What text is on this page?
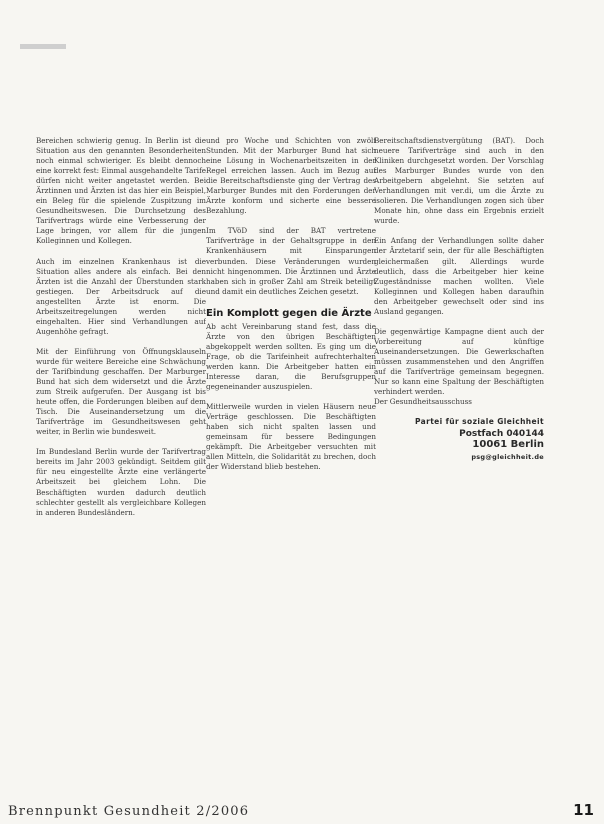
Bereichen schwierig genug. In Berlin ist die Situation aus den genannten Besonderheiten noch einmal schwieriger. Es bleibt dennoch eine korrekt fest: Einmal ausgehandelte Tarife dürfen nicht weiter angetastet werden. Bei Ärztinnen und Ärzten ist das hier ein Beispiel, ein Beleg für die spielende Zuspitzung im Gesundheitswesen. Die Durchsetzung des Tarifvertrags würde eine Verbesserung der Lage bringen, vor allem für die jungen Kolleginnen und Kollegen.

Auch im einzelnen Krankenhaus ist die Situation alles andere als einfach. Bei den Ärzten ist die Anzahl der Überstunden stark gestiegen. Der Arbeitsdruck auf die angestellten Ärzte ist enorm. Die Arbeitszeitregelungen werden nicht eingehalten. Hier sind Verhandlungen auf Augenhöhe gefragt.

Mit der Einführung von Öffnungsklauseln wurde für weitere Bereiche eine Schwächung der Tarifbindung geschaffen. Der Marburger Bund hat sich dem widersetzt und die Ärzte zum Streik aufgerufen. Der Ausgang ist bis heute offen, die Forderungen bleiben auf dem Tisch. Die Auseinandersetzung um die Tarifverträge im Gesundheitswesen geht weiter, in Berlin wie bundesweit.

Im Bundesland Berlin wurde der Tarifvertrag bereits im Jahr 2003 gekündigt. Seitdem gilt für neu eingestellte Ärzte eine verlängerte Arbeitszeit bei gleichem Lohn. Die Beschäftigten wurden dadurch deutlich schlechter gestellt als vergleichbare Kollegen in anderen Bundesländern.

und pro Woche und Schichten von zwölf Stunden. Mit der Marburger Bund hat sich eine Lösung in Wochenarbeitszeiten in der Regel erreichen lassen. Auch im Bezug auf die Bereitschaftsdienste ging der Vertrag des Marburger Bundes mit den Forderungen der Ärzte konform und sicherte eine bessere Bezahlung.

Im TVöD sind der BAT vertretene Tarifverträge in der Gehaltsgruppe in den Krankenhäusern mit Einsparungen verbunden. Diese Veränderungen wurden nicht hingenommen. Die Ärztinnen und Ärzte haben sich in großer Zahl am Streik beteiligt und damit ein deutliches Zeichen gesetzt.

Ein Komplott gegen die Ärzte

Ab acht Vereinbarung stand fest, dass die Ärzte von den übrigen Beschäftigten abgekoppelt werden sollten. Es ging um die Frage, ob die Tarifeinheit aufrechterhalten werden kann. Die Arbeitgeber hatten ein Interesse daran, die Berufsgruppen gegeneinander auszuspielen.

Mittlerweile wurden in vielen Häusern neue Verträge geschlossen. Die Beschäftigten haben sich nicht spalten lassen und gemeinsam für bessere Bedingungen gekämpft. Die Arbeitgeber versuchten mit allen Mitteln, die Solidarität zu brechen, doch der Widerstand blieb bestehen.

Bereitschaftsdienstvergütung (BAT). Doch neuere Tarifverträge sind auch in den Kliniken durchgesetzt worden. Der Vorschlag des Marburger Bundes wurde von den Arbeitgebern abgelehnt. Sie setzten auf Verhandlungen mit ver.di, um die Ärzte zu isolieren. Die Verhandlungen zogen sich über Monate hin, ohne dass ein Ergebnis erzielt wurde.

Ein Anfang der Verhandlungen sollte daher der Ärztetarif sein, der für alle Beschäftigten gleichermaßen gilt. Allerdings wurde deutlich, dass die Arbeitgeber hier keine Zugeständnisse machen wollten. Viele Kolleginnen und Kollegen haben daraufhin den Arbeitgeber gewechselt oder sind ins Ausland gegangen.

Die gegenwärtige Kampagne dient auch der Vorbereitung auf künftige Auseinandersetzungen. Die Gewerkschaften müssen zusammenstehen und den Angriffen auf die Tarifverträge gemeinsam begegnen. Nur so kann eine Spaltung der Beschäftigten verhindert werden.

Der Gesundheitsausschuss

Partei für soziale Gleichheit
Postfach 040144
10061 Berlin
psg@gleichheit.de
Brennpunkt Gesundheit 2/2006	11
